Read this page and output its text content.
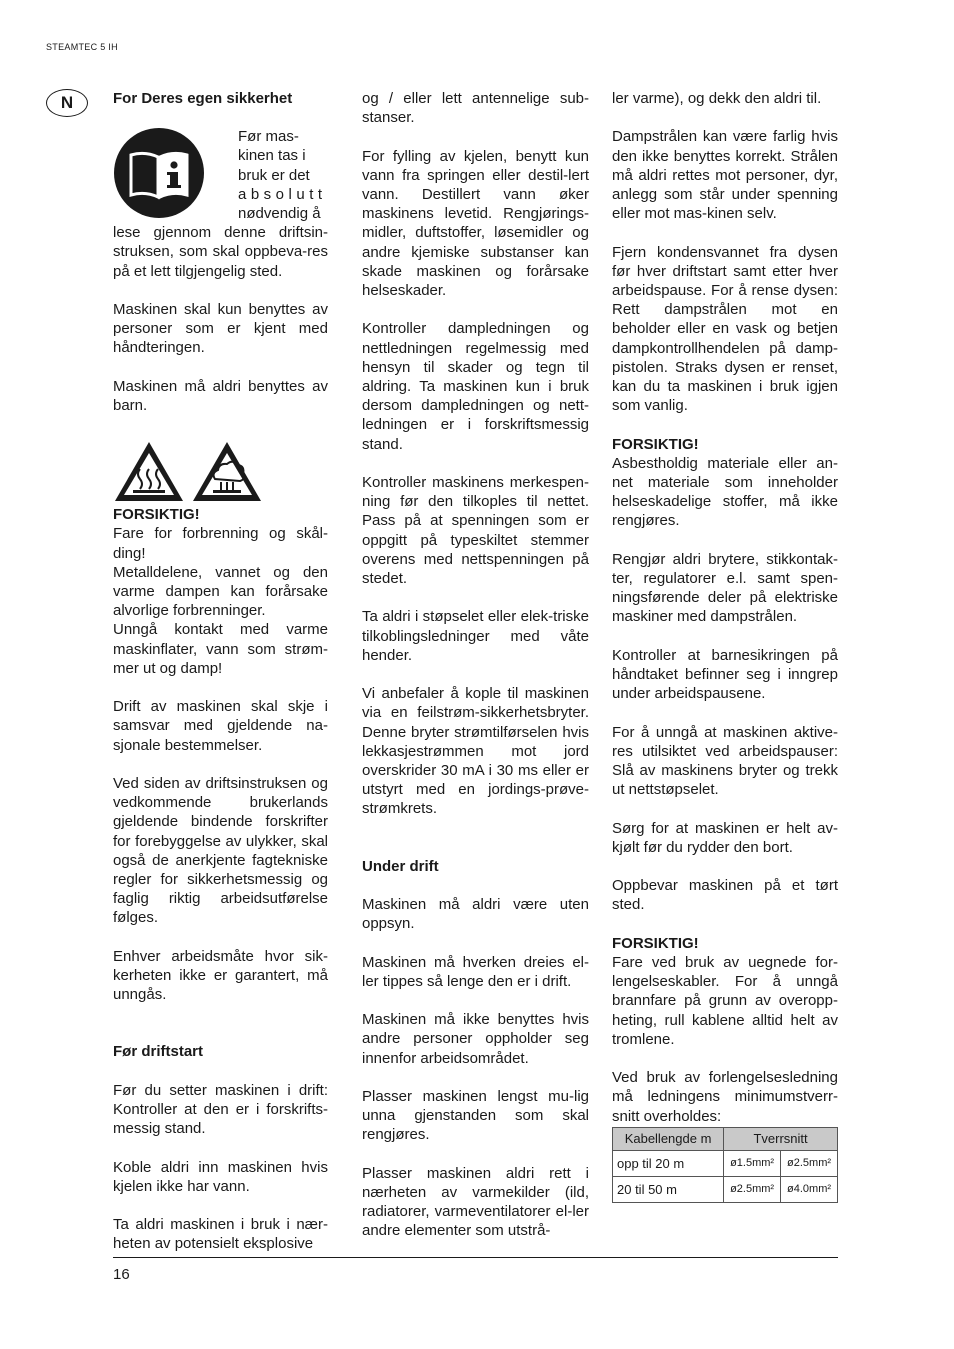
STEAMTEC 5 IH
N	For Deres egen sikkerhet

Før mas-

kinen tas i

bruk er det

absolutt

nødvendig å

lese gjennom denne driftsin-struksen, som skal oppbeva-res på et lett tilgjengelig sted.

Maskinen skal kun benyttes av personer som er kjent med håndteringen.

Maskinen må aldri benyttes av barn.

FORSIKTIG!

Fare for forbrenning og skål-ding!

Metalldelene, vannet og den varme dampen kan forårsake alvorlige forbrenninger.

Unngå kontakt med varme maskinflater, vann som strøm-mer ut og damp!

Drift av maskinen skal skje i samsvar med gjeldende na-sjonale bestemmelser.

Ved siden av driftsinstruksen og vedkommende brukerlands gjeldende bindende forskrifter for forebyggelse av ulykker, skal også de anerkjente fagtekniske regler for sikkerhetsmessig og faglig riktig arbeidsutførelse følges.

Enhver arbeidsmåte hvor sik-kerheten ikke er garantert, må unngås.

Før driftstart

Før du setter maskinen i drift: Kontroller at den er i forskrifts-messig stand.

Koble aldri inn maskinen hvis kjelen ikke har vann.

Ta aldri maskinen i bruk i nær-heten av potensielt eksplosive

og / eller lett antennelige sub-stanser.

For fylling av kjelen, benytt kun vann fra springen eller destil-lert vann. Destillert vann øker maskinens levetid. Rengjørings-midler, duftstoffer, løsemidler og andre kjemiske substanser kan skade maskinen og forårsake helseskader.

Kontroller dampledningen og nettledningen regelmessig med hensyn til skader og tegn til aldring. Ta maskinen kun i bruk dersom dampledningen og nett-ledningen er i forskriftsmessig stand.

Kontroller maskinens merkespen-ning før den tilkoples til nettet. Pass på at spenningen som er oppgitt på typeskiltet stemmer overens med nettspenningen på stedet.

Ta aldri i støpselet eller elek-triske tilkoblingsledninger med våte hender.

Vi anbefaler å kople til maskinen via en feilstrøm-sikkerhetsbryter. Denne bryter strømtilførselen hvis lekkasjestrømmen mot jord overskrider 30 mA i 30 ms eller er utstyrt med en jordings-prøve-strømkrets.

Under drift

Maskinen må aldri være uten oppsyn.

Maskinen må hverken dreies el-ler tippes så lenge den er i drift.

Maskinen må ikke benyttes hvis andre personer oppholder seg innenfor arbeidsområdet.

Plasser maskinen lengst mu-lig unna gjenstanden som skal rengjøres.

Plasser maskinen aldri rett i nærheten av varmekilder (ild, radiatorer, varmeventilatorer el-ler andre elementer som utstrå-

ler varme), og dekk den aldri til.

Dampstrålen kan være farlig hvis den ikke benyttes korrekt. Strålen må aldri rettes mot personer, dyr, anlegg som står under spenning eller mot mas-kinen selv.

Fjern kondensvannet fra dysen før hver driftstart samt etter hver arbeidspause. For å rense dysen: Rett dampstrålen mot en beholder eller en vask og betjen dampkontrollhendelen på damp-pistolen. Straks dysen er renset, kan du ta maskinen i bruk igjen som vanlig.

FORSIKTIG!

Asbestholdig materiale eller an-net materiale som inneholder helseskadelige stoffer, må ikke rengjøres.

Rengjør aldri brytere, stikkontak-ter, regulatorer e.l. samt spen-ningsførende deler på elektriske maskiner med dampstrålen.

Kontroller at barnesikringen på håndtaket befinner seg i inngrep under arbeidspausene.

For å unngå at maskinen aktive-res utilsiktet ved arbeidspauser: Slå av maskinens bryter og trekk ut nettstøpselet.

Sørg for at maskinen er helt av-kjølt før du rydder den bort.

Oppbevar maskinen på et tørt sted.

FORSIKTIG!

Fare ved bruk av uegnede for-lengelseskabler. For å unngå brannfare på grunn av overopp-heting, rull kablene alltid helt av tromlene.

Ved bruk av forlengelsesledning må ledningens minimumstverr-snitt overholdes:

Kabellengde m	Tverrsnitt	
opp til 20 m	ø1.5mm²	ø2.5mm²
20 til 50 m	ø2.5mm²	ø4.0mm²
16
